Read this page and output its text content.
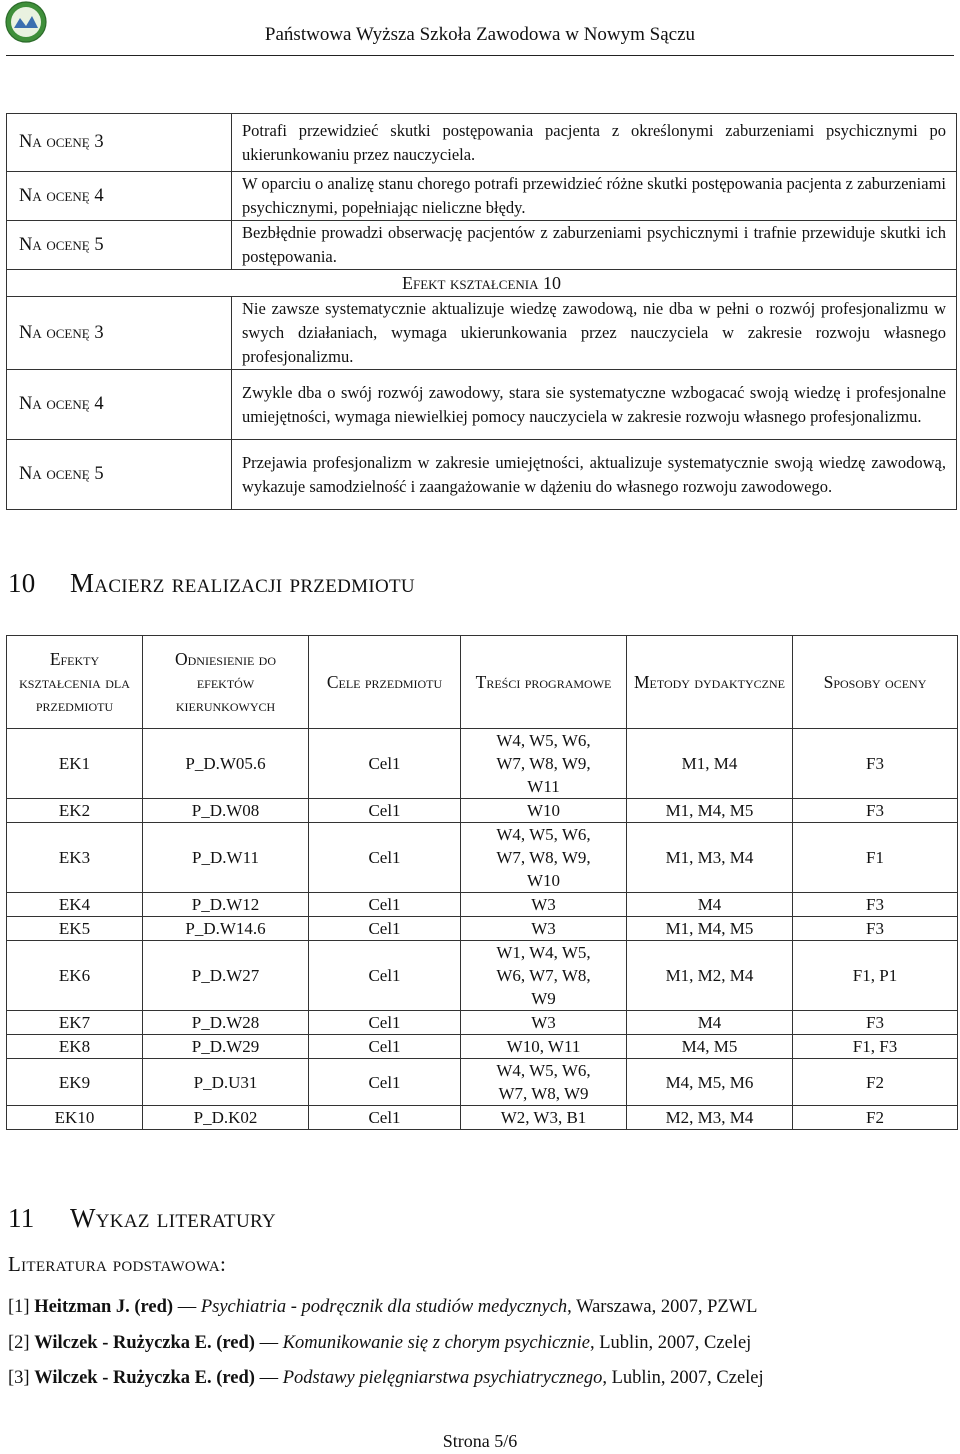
Państwowa Wyższa Szkoła Zawodowa w Nowym Sączu
Na ocenę 3	Potrafi przewidzieć skutki postępowania pacjenta z określonymi zaburzeniami psychicznymi po ukierunkowaniu przez nauczyciela.
Na ocenę 4	W oparciu o analizę stanu chorego potrafi przewidzieć różne skutki postępowania pacjenta z zaburzeniami psychicznymi, popełniając nieliczne błędy.
Na ocenę 5	Bezbłędnie prowadzi obserwację pacjentów z zaburzeniami psychicznymi i trafnie przewiduje skutki ich postępowania.
Efekt kształcenia 10	
Na ocenę 3	Nie zawsze systematycznie aktualizuje wiedzę zawodową, nie dba w pełni o rozwój profesjonalizmu w swych działaniach, wymaga ukierunkowania przez nauczyciela w zakresie rozwoju własnego profesjonalizmu.
Na ocenę 4	Zwykle dba o swój rozwój zawodowy, stara sie systematyczne wzbogacać swoją wiedzę i profesjonalne umiejętności, wymaga niewielkiej pomocy nauczyciela w zakresie rozwoju własnego profesjonalizmu.
Na ocenę 5	Przejawia profesjonalizm w zakresie umiejętności, aktualizuje systematycznie swoją wiedzę zawodową, wykazuje samodzielność i zaangażowanie w dążeniu do własnego rozwoju zawodowego.
10 Macierz realizacji przedmiotu
Efekty kształcenia dla przedmiotu	Odniesienie do efektów kierunkowych	Cele przedmiotu	Treści programowe	Metody dydaktyczne	Sposoby oceny
EK1	P_D.W05.6	Cel1	W4, W5, W6, W7, W8, W9, W11	M1, M4	F3
EK2	P_D.W08	Cel1	W10	M1, M4, M5	F3
EK3	P_D.W11	Cel1	W4, W5, W6, W7, W8, W9, W10	M1, M3, M4	F1
EK4	P_D.W12	Cel1	W3	M4	F3
EK5	P_D.W14.6	Cel1	W3	M1, M4, M5	F3
EK6	P_D.W27	Cel1	W1, W4, W5, W6, W7, W8, W9	M1, M2, M4	F1, P1
EK7	P_D.W28	Cel1	W3	M4	F3
EK8	P_D.W29	Cel1	W10, W11	M4, M5	F1, F3
EK9	P_D.U31	Cel1	W4, W5, W6, W7, W8, W9	M4, M5, M6	F2
EK10	P_D.K02	Cel1	W2, W3, B1	M2, M3, M4	F2
11 Wykaz literatury
Literatura podstawowa:
[1] Heitzman J. (red) — Psychiatria - podręcznik dla studiów medycznych, Warszawa, 2007, PZWL
[2] Wilczek - Rużyczka E. (red) — Komunikowanie się z chorym psychicznie, Lublin, 2007, Czelej
[3] Wilczek - Rużyczka E. (red) — Podstawy pielęgniarstwa psychiatrycznego, Lublin, 2007, Czelej
Strona 5/6
